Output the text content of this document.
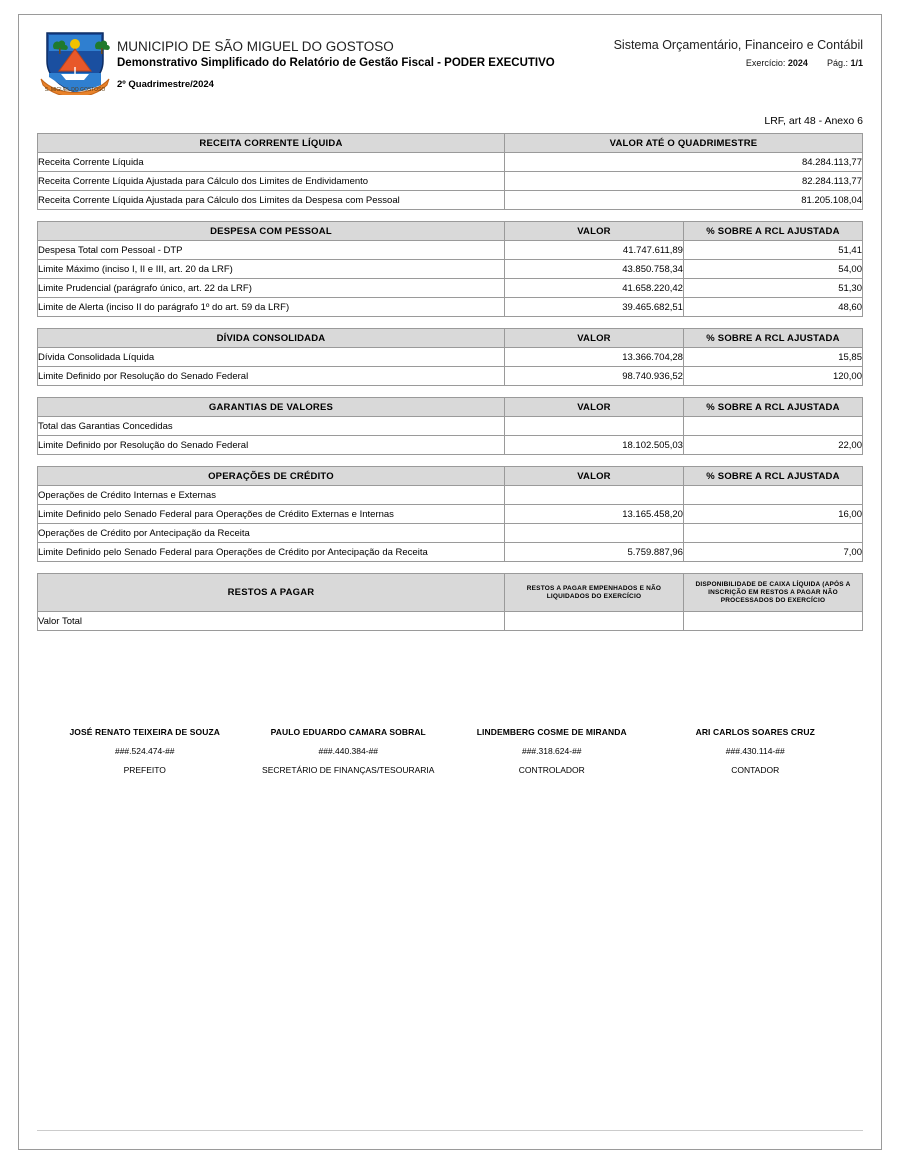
S. MIGUEL DO GOSTOSO
MUNICIPIO DE SÃO MIGUEL DO GOSTOSO
Demonstrativo Simplificado do Relatório de Gestão Fiscal - PODER EXECUTIVO
2º Quadrimestre/2024
Sistema Orçamentário, Financeiro e Contábil
Exercício: 2024 Pág.: 1/1
LRF, art 48 - Anexo 6
RECEITA CORRENTE LÍQUIDA	VALOR ATÉ O QUADRIMESTRE
Receita Corrente Líquida	84.284.113,77
Receita Corrente Líquida Ajustada para Cálculo dos Limites de Endividamento	82.284.113,77
Receita Corrente Líquida Ajustada para Cálculo dos Limites da Despesa com Pessoal	81.205.108,04
DESPESA COM PESSOAL	VALOR	% SOBRE A RCL AJUSTADA
Despesa Total com Pessoal - DTP	41.747.611,89	51,41
Limite Máximo (inciso I, II e III, art. 20 da LRF)	43.850.758,34	54,00
Limite Prudencial (parágrafo único, art. 22 da LRF)	41.658.220,42	51,30
Limite de Alerta (inciso II do parágrafo 1º do art. 59 da LRF)	39.465.682,51	48,60
DÍVIDA CONSOLIDADA	VALOR	% SOBRE A RCL AJUSTADA
Dívida Consolidada Líquida	13.366.704,28	15,85
Limite Definido por Resolução do Senado Federal	98.740.936,52	120,00
GARANTIAS DE VALORES	VALOR	% SOBRE A RCL AJUSTADA
Total das Garantias Concedidas		
Limite Definido por Resolução do Senado Federal	18.102.505,03	22,00
OPERAÇÕES DE CRÉDITO	VALOR	% SOBRE A RCL AJUSTADA
Operações de Crédito Internas e Externas		
Limite Definido pelo Senado Federal para Operações de Crédito Externas e Internas	13.165.458,20	16,00
Operações de Crédito por Antecipação da Receita		
Limite Definido pelo Senado Federal para Operações de Crédito por Antecipação da Receita	5.759.887,96	7,00
RESTOS A PAGAR	RESTOS A PAGAR EMPENHADOS E NÃO LIQUIDADOS DO EXERCÍCIO	DISPONIBILIDADE DE CAIXA LÍQUIDA (APÓS A INSCRIÇÃO EM RESTOS A PAGAR NÃO PROCESSADOS DO EXERCÍCIO
Valor Total		
JOSÉ RENATO TEIXEIRA DE SOUZA
###.524.474-##
PREFEITO
PAULO EDUARDO CAMARA SOBRAL
###.440.384-##
SECRETÁRIO DE FINANÇAS/TESOURARIA
LINDEMBERG COSME DE MIRANDA
###.318.624-##
CONTROLADOR
ARI CARLOS SOARES CRUZ
###.430.114-##
CONTADOR
